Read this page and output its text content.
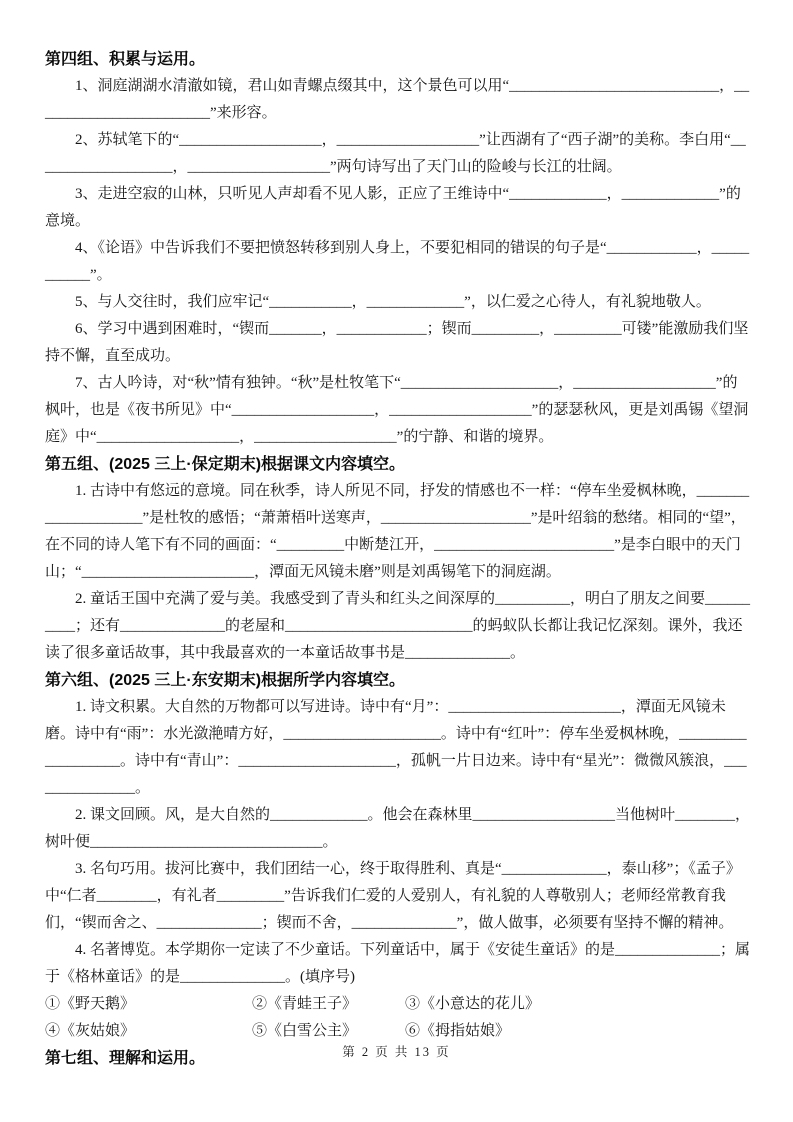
第四组、积累与运用。

1、洞庭湖湖水清澈如镜，君山如青螺点缀其中，这个景色可以用“____________________________，________________________”来形容。

2、苏轼笔下的“___________________，___________________”让西湖有了“西子湖”的美称。李白用“___________________，___________________”两句诗写出了天门山的险峻与长江的壮阔。

3、走进空寂的山林，只听见人声却看不见人影，正应了王维诗中“_____________，_____________”的意境。

4、《论语》中告诉我们不要把愤怒转移到别人身上，不要犯相同的错误的句子是“____________，___________”。

5、与人交往时，我们应牢记“___________，_____________”，以仁爱之心待人，有礼貌地敬人。

6、学习中遇到困难时，“锲而_______，____________；锲而_________，_________可镂”能激励我们坚持不懈，直至成功。

7、古人吟诗，对“秋”情有独钟。“秋”是杜牧笔下“_____________________，___________________”的枫叶，也是《夜书所见》中“___________________，___________________”的瑟瑟秋风，更是刘禹锡《望洞庭》中“___________________，___________________”的宁静、和谐的境界。

第五组、(2025 三上·保定期末)根据课文内容填空。

1. 古诗中有悠远的意境。同在秋季，诗人所见不同，抒发的情感也不一样：“停车坐爱枫林晚，____________________”是杜牧的感悟；“萧萧梧叶送寒声，____________________”是叶绍翁的愁绪。相同的“望”，在不同的诗人笔下有不同的画面：“_________中断楚江开，________________________”是李白眼中的天门山；“_______________________，潭面无风镜未磨”则是刘禹锡笔下的洞庭湖。

2. 童话王国中充满了爱与美。我感受到了青头和红头之间深厚的__________，明白了朋友之间要__________；还有______________的老屋和_________________________的蚂蚁队长都让我记忆深刻。课外，我还读了很多童话故事，其中我最喜欢的一本童话故事书是______________。

第六组、(2025 三上·东安期末)根据所学内容填空。

1. 诗文积累。大自然的万物都可以写进诗。诗中有“月”：_______________________，潭面无风镜未磨。诗中有“雨”：水光潋滟晴方好，_____________________。诗中有“红叶”：停车坐爱枫林晚，___________________。诗中有“青山”：_____________________，孤帆一片日边来。诗中有“星光”：微微风簇浪，_______________。

2. 课文回顾。风，是大自然的_____________。他会在森林里___________________当他树叶________，树叶便_______________________________。

3. 名句巧用。拔河比赛中，我们团结一心，终于取得胜利、真是“______________，泰山移”；《孟子》中“仁者________，有礼者_________”告诉我们仁爱的人爱别人，有礼貌的人尊敬别人；老师经常教育我们，“锲而舍之、______________；锲而不舍，______________”，做人做事，必须要有坚持不懈的精神。

4. 名著博览。本学期你一定读了不少童话。下列童话中，属于《安徒生童话》的是______________；属于《格林童话》的是______________。(填序号)

①《野天鹅》	②《青蛙王子》	③《小意达的花儿》
④《灰姑娘》	⑤《白雪公主》	⑥《拇指姑娘》
第七组、理解和运用。	第 2 页 共 13 页
